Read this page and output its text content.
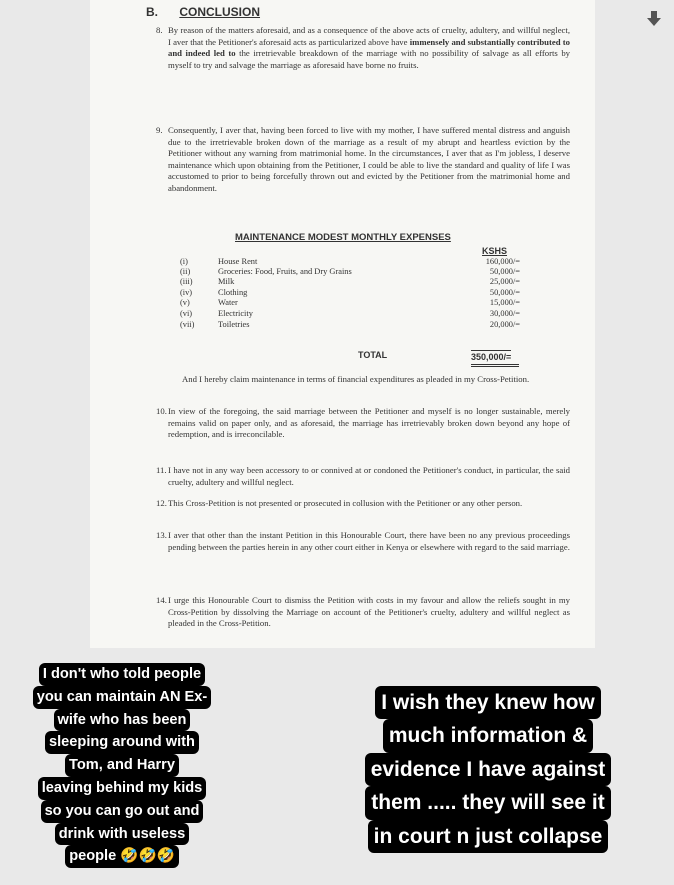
B. CONCLUSION
8. By reason of the matters aforesaid, and as a consequence of the above acts of cruelty, adultery, and willful neglect, I aver that the Petitioner's aforesaid acts as particularized above have immensely and substantially contributed to and indeed led to the irretrievable breakdown of the marriage with no possibility of salvage as all efforts by myself to try and salvage the marriage as aforesaid have borne no fruits.
9. Consequently, I aver that, having been forced to live with my mother, I have suffered mental distress and anguish due to the irretrievable broken down of the marriage as a result of my abrupt and heartless eviction by the Petitioner without any warning from matrimonial home. In the circumstances, I aver that as I'm jobless, I deserve maintenance which upon obtaining from the Petitioner, I could be able to live the standard and quality of life I was accustomed to prior to being forcefully thrown out and evicted by the Petitioner from the matrimonial home and abandonment.
MAINTENANCE MODEST MONTHLY EXPENSES
KSHS
(i)	House Rent	160,000/=
(ii)	Groceries: Food, Fruits, and Dry Grains	50,000/=
(iii)	Milk	25,000/=
(iv)	Clothing	50,000/=
(v)	Water	15,000/=
(vi)	Electricity	30,000/=
(vii)	Toiletries	20,000/=
TOTAL	350,000/=
And I hereby claim maintenance in terms of financial expenditures as pleaded in my Cross-Petition.
10. In view of the foregoing, the said marriage between the Petitioner and myself is no longer sustainable, merely remains valid on paper only, and as aforesaid, the marriage has irretrievably broken down beyond any hope of redemption, and is irreconcilable.
11. I have not in any way been accessory to or connived at or condoned the Petitioner's conduct, in particular, the said cruelty, adultery and willful neglect.
12. This Cross-Petition is not presented or prosecuted in collusion with the Petitioner or any other person.
13. I aver that other than the instant Petition in this Honourable Court, there have been no any previous proceedings pending between the parties herein in any other court either in Kenya or elsewhere with regard to the said marriage.
14. I urge this Honourable Court to dismiss the Petition with costs in my favour and allow the reliefs sought in my Cross-Petition by dissolving the Marriage on account of the Petitioner's cruelty, adultery and willful neglect as pleaded in the Cross-Petition.
I don't who told people
you can maintain AN Ex-
wife who has been
sleeping around with
Tom, and Harry
leaving behind my kids
so you can go out and
drink with useless
people 🤣🤣🤣
I wish they knew how
much information &
evidence I have against
them ..... they will see it
in court n just collapse
